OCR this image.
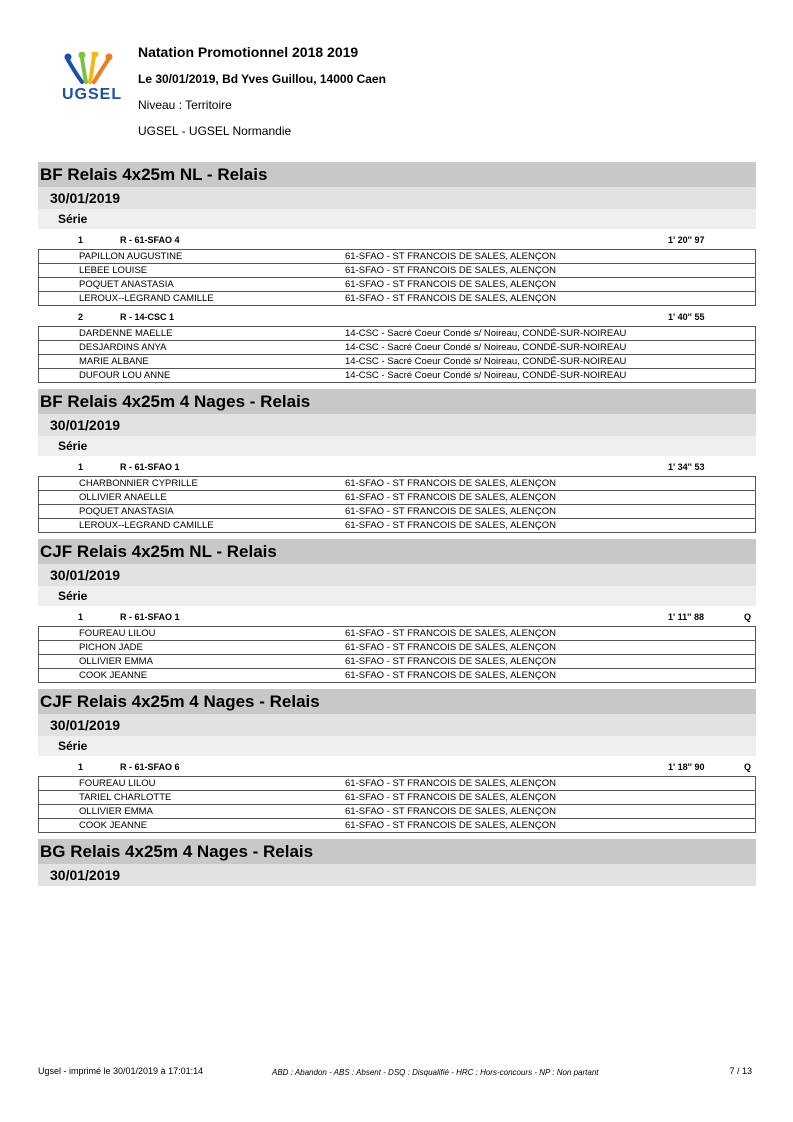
UGSEL
Natation Promotionnel 2018 2019
Le 30/01/2019, Bd Yves Guillou, 14000 Caen
Niveau : Territoire
UGSEL - UGSEL Normandie
BF Relais 4x25m NL - Relais
30/01/2019
Série
1	R - 61-SFAO 4	1' 20'' 97
	PAPILLON AUGUSTINE	61-SFAO - ST FRANCOIS DE SALES, ALENÇON
	LEBEE LOUISE	61-SFAO - ST FRANCOIS DE SALES, ALENÇON
	POQUET ANASTASIA	61-SFAO - ST FRANCOIS DE SALES, ALENÇON
	LEROUX--LEGRAND CAMILLE	61-SFAO - ST FRANCOIS DE SALES, ALENÇON
2	R - 14-CSC 1	1' 40'' 55
	DARDENNE MAELLE	14-CSC - Sacré Coeur Condé s/ Noireau, CONDÉ-SUR-NOIREAU
	DESJARDINS ANYA	14-CSC - Sacré Coeur Condé s/ Noireau, CONDÉ-SUR-NOIREAU
	MARIE ALBANE	14-CSC - Sacré Coeur Condé s/ Noireau, CONDÉ-SUR-NOIREAU
	DUFOUR LOU ANNE	14-CSC - Sacré Coeur Condé s/ Noireau, CONDÉ-SUR-NOIREAU
BF Relais 4x25m 4 Nages - Relais
30/01/2019
Série
1	R - 61-SFAO 1	1' 34'' 53
	CHARBONNIER CYPRILLE	61-SFAO - ST FRANCOIS DE SALES, ALENÇON
	OLLIVIER ANAELLE	61-SFAO - ST FRANCOIS DE SALES, ALENÇON
	POQUET ANASTASIA	61-SFAO - ST FRANCOIS DE SALES, ALENÇON
	LEROUX--LEGRAND CAMILLE	61-SFAO - ST FRANCOIS DE SALES, ALENÇON
CJF Relais 4x25m NL - Relais
30/01/2019
Série
1	R - 61-SFAO 1	1' 11'' 88	Q
	FOUREAU LILOU	61-SFAO - ST FRANCOIS DE SALES, ALENÇON
	PICHON JADE	61-SFAO - ST FRANCOIS DE SALES, ALENÇON
	OLLIVIER EMMA	61-SFAO - ST FRANCOIS DE SALES, ALENÇON
	COOK JEANNE	61-SFAO - ST FRANCOIS DE SALES, ALENÇON
CJF Relais 4x25m 4 Nages - Relais
30/01/2019
Série
1	R - 61-SFAO 6	1' 18'' 90	Q
	FOUREAU LILOU	61-SFAO - ST FRANCOIS DE SALES, ALENÇON
	TARIEL CHARLOTTE	61-SFAO - ST FRANCOIS DE SALES, ALENÇON
	OLLIVIER EMMA	61-SFAO - ST FRANCOIS DE SALES, ALENÇON
	COOK JEANNE	61-SFAO - ST FRANCOIS DE SALES, ALENÇON
BG Relais 4x25m 4 Nages - Relais
30/01/2019
Ugsel - imprimé le 30/01/2019 à 17:01:14	ABD : Abandon - ABS : Absent - DSQ : Disqualifié - HRC : Hors-concours - NP : Non partant	7 / 13
